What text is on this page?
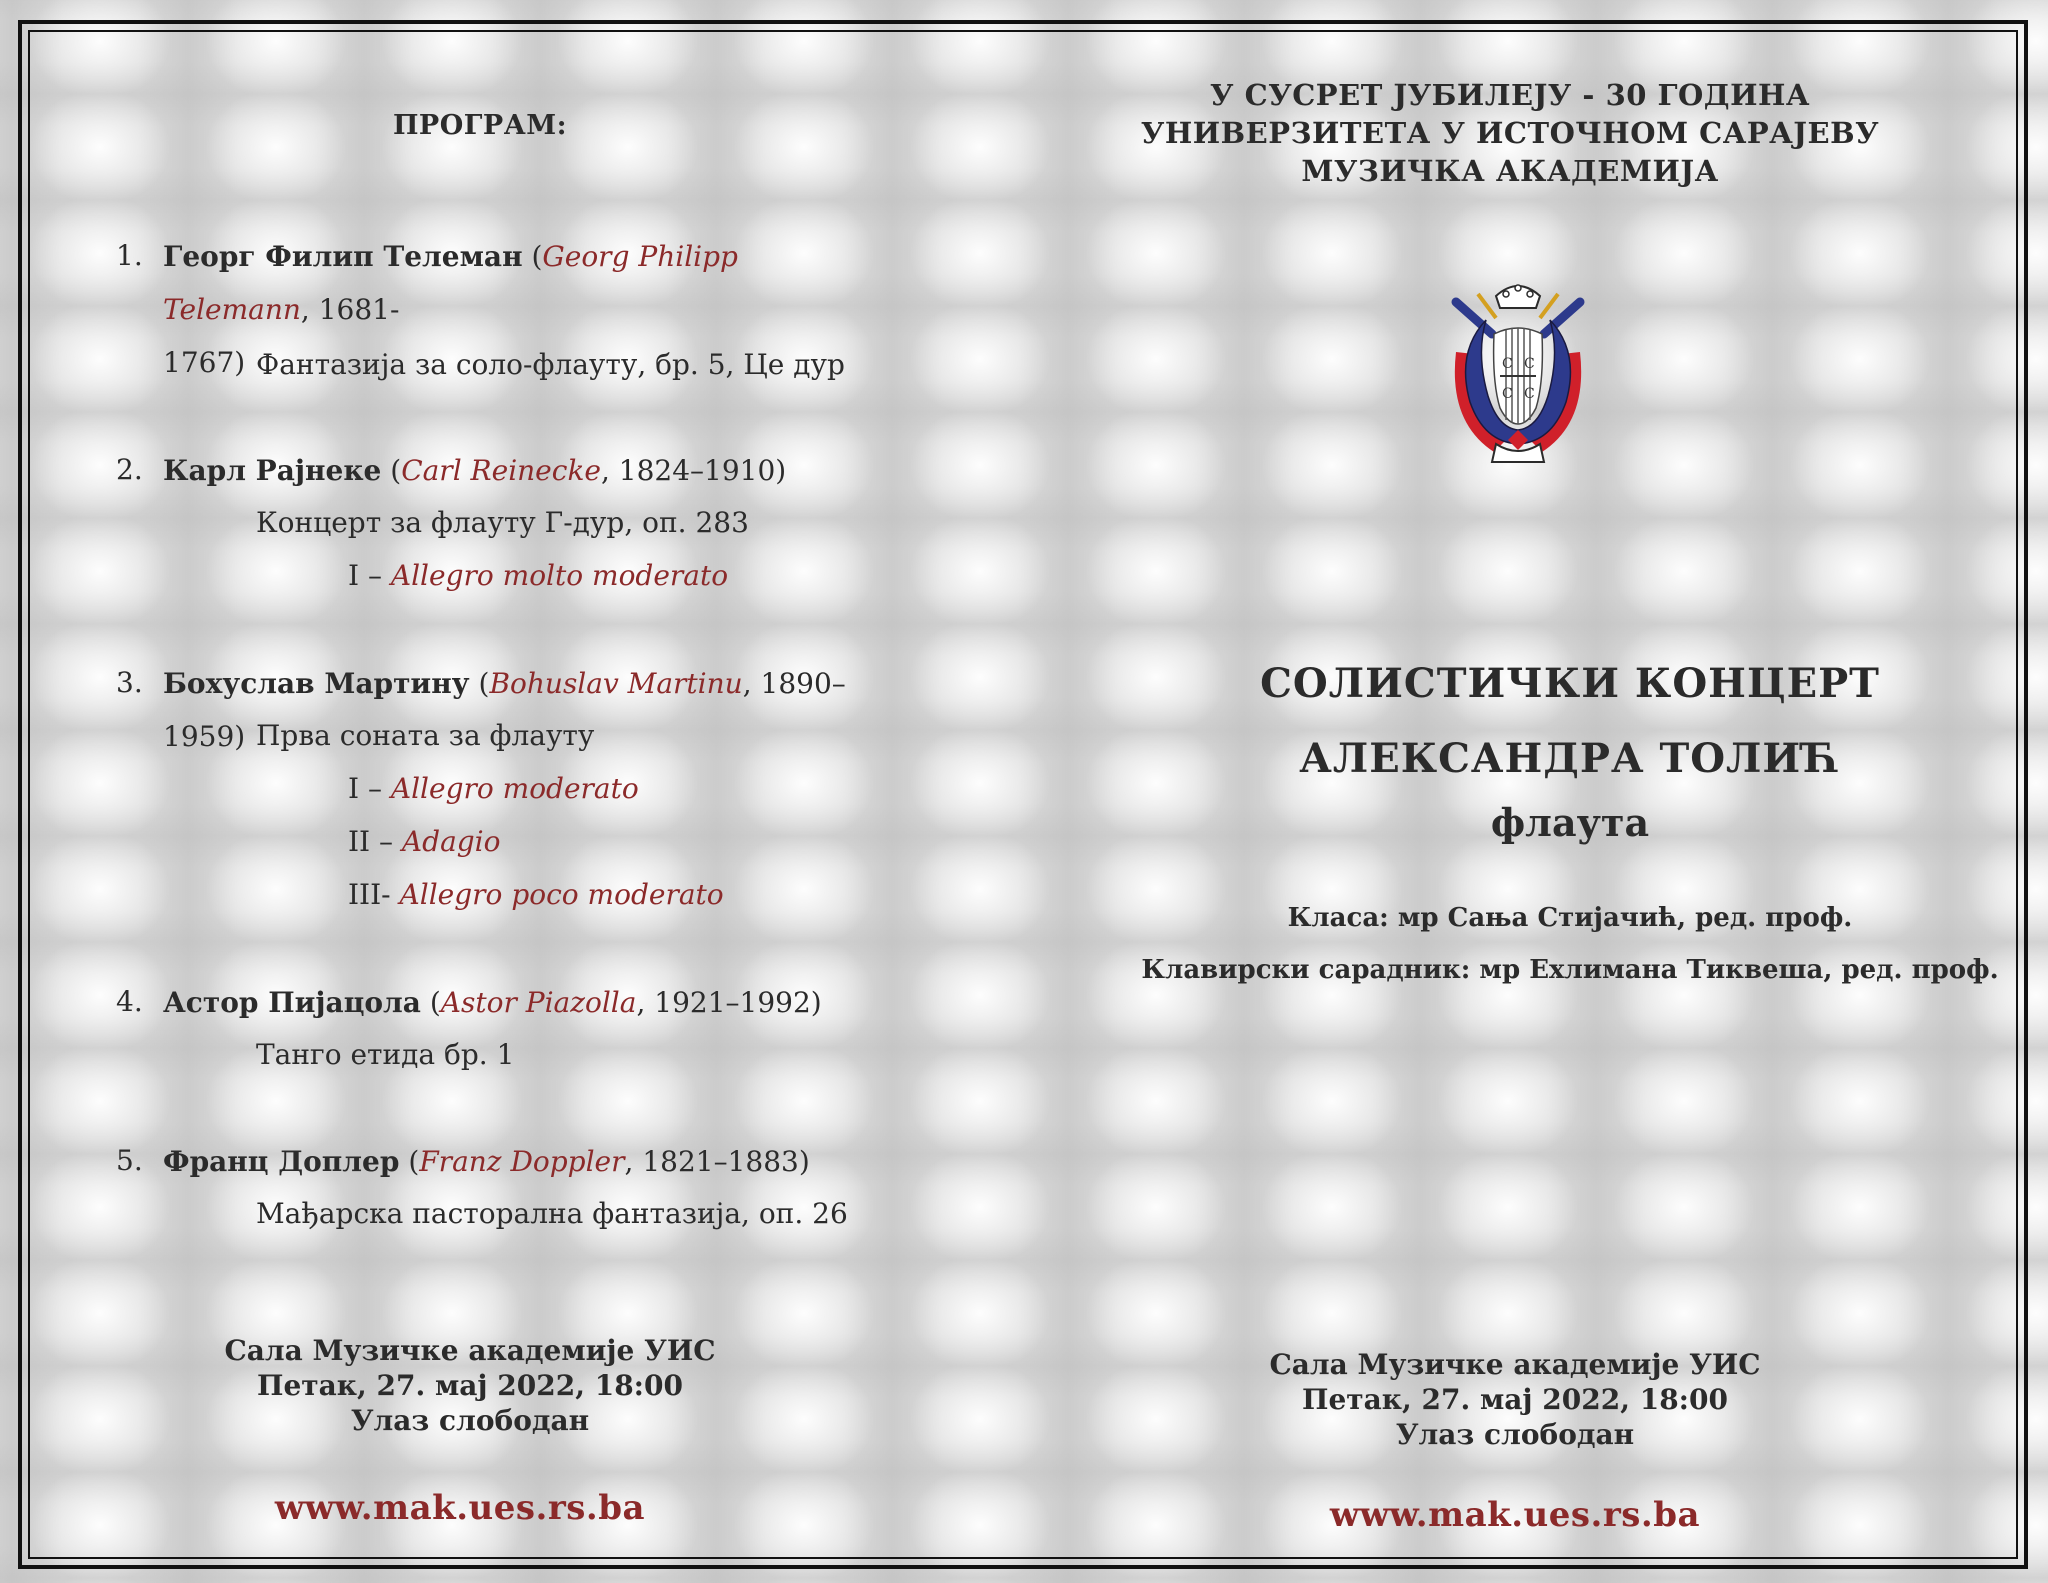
ПРОГРАМ:
1. Георг Филип Телеман (Georg Philipp Telemann, 1681-
1767) Фантазија за соло-флауту, бр. 5, Це дур
2. Карл Рајнеке (Carl Reinecke, 1824–1910)
Концерт за флауту Г-дур, оп. 283
I – Allegro molto moderato
3. Бохуслав Мартину (Bohuslav Martinu, 1890–1959) Прва соната за флауту
I – Allegro moderato
II – Adagio
III- Allegro poco moderato
4. Астор Пијацола (Astor Piazolla, 1921–1992)
Танго етида бр. 1
5. Франц Доплер (Franz Doppler, 1821–1883)
Мађарска пасторална фантазија, оп. 26
Сала Музичке академије УИС
Петак, 27. мај 2022, 18:00
Улаз слободан
www.mak.ues.rs.ba
У СУСРЕТ ЈУБИЛЕЈУ - 30 ГОДИНА
УНИВЕРЗИТЕТА У ИСТОЧНОМ САРАЈЕВУ
МУЗИЧКА АКАДЕМИЈА
С С
С С
СОЛИСТИЧКИ КОНЦЕРТ
АЛЕКСАНДРА ТОЛИЋ
флаута
Класа: мр Сања Стијачић, ред. проф.
Клавирски сарадник: мр Ехлимана Тиквеша, ред. проф.
Сала Музичке академије УИС
Петак, 27. мај 2022, 18:00
Улаз слободан
www.mak.ues.rs.ba
